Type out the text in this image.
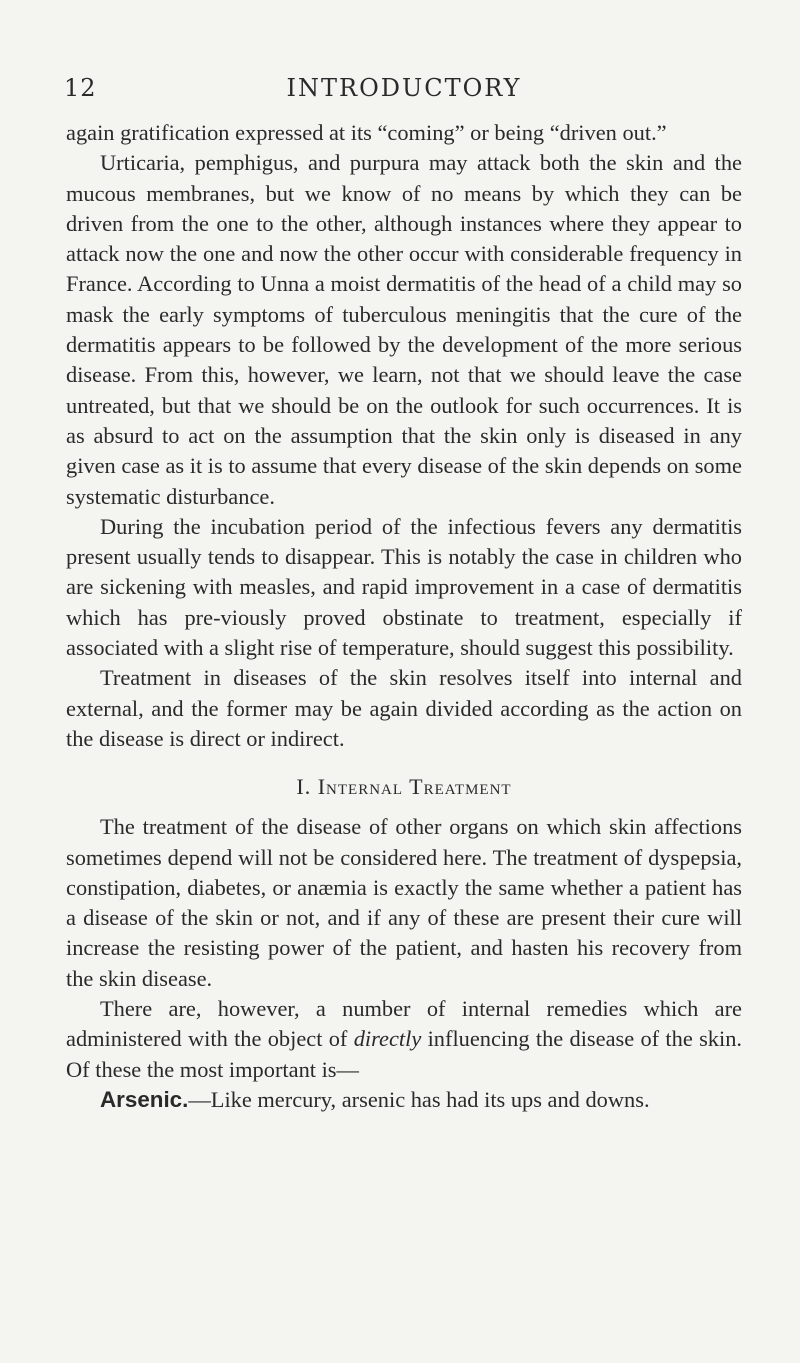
12	INTRODUCTORY

again gratification expressed at its “coming” or being “driven out.”

Urticaria, pemphigus, and purpura may attack both the skin and the mucous membranes, but we know of no means by which they can be driven from the one to the other, although instances where they appear to attack now the one and now the other occur with considerable frequency in France. According to Unna a moist dermatitis of the head of a child may so mask the early symptoms of tuberculous meningitis that the cure of the dermatitis appears to be followed by the development of the more serious disease. From this, however, we learn, not that we should leave the case untreated, but that we should be on the outlook for such occurrences. It is as absurd to act on the assumption that the skin only is diseased in any given case as it is to assume that every disease of the skin depends on some systematic disturbance.

During the incubation period of the infectious fevers any dermatitis present usually tends to disappear. This is notably the case in children who are sickening with measles, and rapid improvement in a case of dermatitis which has pre-viously proved obstinate to treatment, especially if associated with a slight rise of temperature, should suggest this possibility.

Treatment in diseases of the skin resolves itself into internal and external, and the former may be again divided according as the action on the disease is direct or indirect.

I. Internal Treatment

The treatment of the disease of other organs on which skin affections sometimes depend will not be considered here. The treatment of dyspepsia, constipation, diabetes, or anæmia is exactly the same whether a patient has a disease of the skin or not, and if any of these are present their cure will increase the resisting power of the patient, and hasten his recovery from the skin disease.

There are, however, a number of internal remedies which are administered with the object of directly influencing the disease of the skin. Of these the most important is—

Arsenic.—Like mercury, arsenic has had its ups and downs.
